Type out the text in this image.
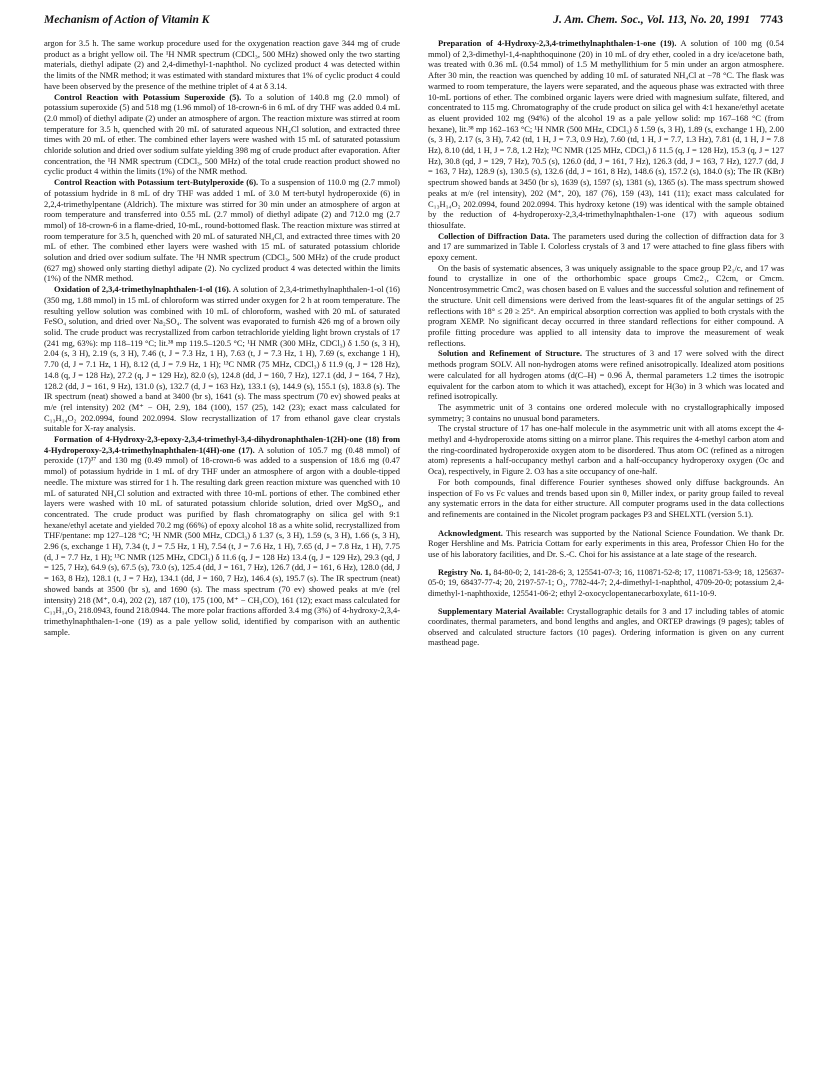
Mechanism of Action of Vitamin K	J. Am. Chem. Soc., Vol. 113, No. 20, 1991 7743

argon for 3.5 h. The same workup procedure used for the oxygenation reaction gave 344 mg of crude product as a bright yellow oil. The ¹H NMR spectrum (CDCl₃, 500 MHz) showed only the two starting materials, diethyl adipate (2) and 2,4-dimethyl-1-naphthol. No cyclized product 4 was detected within the limits of the NMR method; it was estimated with standard mixtures that 1% of cyclic product 4 could have been observed by the presence of the methine triplet of 4 at δ 3.14.

Control Reaction with Potassium Superoxide (5). To a solution of 140.8 mg (2.0 mmol) of potassium superoxide (5) and 518 mg (1.96 mmol) of 18-crown-6 in 6 mL of dry THF was added 0.4 mL (2.0 mmol) of diethyl adipate (2) under an atmosphere of argon. The reaction mixture was stirred at room temperature for 3.5 h, quenched with 20 mL of saturated aqueous NH₄Cl solution, and extracted three times with 20 mL of ether. The combined ether layers were washed with 15 mL of saturated potassium chloride solution and dried over sodium sulfate yielding 398 mg of crude product after evaporation. After concentration, the ¹H NMR spectrum (CDCl₃, 500 MHz) of the total crude reaction product showed no cyclic product 4 within the limits (1%) of the NMR method.

Control Reaction with Potassium tert-Butylperoxide (6). To a suspension of 110.0 mg (2.7 mmol) of potassium hydride in 8 mL of dry THF was added 1 mL of 3.0 M tert-butyl hydroperoxide (6) in 2,2,4-trimethylpentane (Aldrich). The mixture was stirred for 30 min under an atmosphere of argon at room temperature and transferred into 0.55 mL (2.7 mmol) of diethyl adipate (2) and 712.0 mg (2.7 mmol) of 18-crown-6 in a flame-dried, 10-mL, round-bottomed flask. The reaction mixture was stirred at room temperature for 3.5 h, quenched with 20 mL of saturated NH₄Cl, and extracted three times with 20 mL of ether. The combined ether layers were washed with 15 mL of saturated potassium chloride solution and dried over sodium sulfate. The ¹H NMR spectrum (CDCl₃, 500 MHz) of the crude product (627 mg) showed only starting diethyl adipate (2). No cyclized product 4 was detected within the limits (1%) of the NMR method.

Oxidation of 2,3,4-trimethylnaphthalen-1-ol (16). A solution of 2,3,4-trimethylnaphthalen-1-ol (16) (350 mg, 1.88 mmol) in 15 mL of chloroform was stirred under oxygen for 2 h at room temperature. The resulting yellow solution was combined with 10 mL of chloroform, washed with 20 mL of saturated FeSO₄ solution, and dried over Na₂SO₄. The solvent was evaporated to furnish 426 mg of a brown oily solid. The crude product was recrystallized from carbon tetrachloride yielding light brown crystals of 17 (241 mg, 63%): mp 118–119 °C; lit.³⁸ mp 119.5–120.5 °C; ¹H NMR (300 MHz, CDCl₃) δ 1.50 (s, 3 H), 2.04 (s, 3 H), 2.19 (s, 3 H), 7.46 (t, J = 7.3 Hz, 1 H), 7.63 (t, J = 7.3 Hz, 1 H), 7.69 (s, exchange 1 H), 7.70 (d, J = 7.1 Hz, 1 H), 8.12 (d, J = 7.9 Hz, 1 H); ¹³C NMR (75 MHz, CDCl₃) δ 11.9 (q, J = 128 Hz), 14.8 (q, J = 128 Hz), 27.2 (q, J = 129 Hz), 82.0 (s), 124.8 (dd, J = 160, 7 Hz), 127.1 (dd, J = 164, 7 Hz), 128.2 (dd, J = 161, 9 Hz), 131.0 (s), 132.7 (d, J = 163 Hz), 133.1 (s), 144.9 (s), 155.1 (s), 183.8 (s). The IR spectrum (neat) showed a band at 3400 (br s), 1641 (s). The mass spectrum (70 ev) showed peaks at m/e (rel intensity) 202 (M⁺ − OH, 2.9), 184 (100), 157 (25), 142 (23); exact mass calculated for C₁₃H₁₄O₂ 202.0994, found 202.0994. Slow recrystallization of 17 from ethanol gave clear crystals suitable for X-ray analysis.

Formation of 4-Hydroxy-2,3-epoxy-2,3,4-trimethyl-3,4-dihydronaphthalen-1(2H)-one (18) from 4-Hydroperoxy-2,3,4-trimethylnaphthalen-1(4H)-one (17). A solution of 105.7 mg (0.48 mmol) of peroxide (17)³⁷ and 130 mg (0.49 mmol) of 18-crown-6 was added to a suspension of 18.6 mg (0.47 mmol) of potassium hydride in 1 mL of dry THF under an atmosphere of argon with a double-tipped needle. The mixture was stirred for 1 h. The resulting dark green reaction mixture was quenched with 10 mL of saturated NH₄Cl solution and extracted with three 10-mL portions of ether. The combined ether layers were washed with 10 mL of saturated potassium chloride solution, dried over MgSO₄, and concentrated. The crude product was purified by flash chromatography on silica gel with 9:1 hexane/ethyl acetate and yielded 70.2 mg (66%) of epoxy alcohol 18 as a white solid, recrystallized from THF/pentane: mp 127–128 °C; ¹H NMR (500 MHz, CDCl₃) δ 1.37 (s, 3 H), 1.59 (s, 3 H), 1.66 (s, 3 H), 2.96 (s, exchange 1 H), 7.34 (t, J = 7.5 Hz, 1 H), 7.54 (t, J = 7.6 Hz, 1 H), 7.65 (d, J = 7.8 Hz, 1 H), 7.75 (d, J = 7.7 Hz, 1 H); ¹³C NMR (125 MHz, CDCl₃) δ 11.6 (q, J = 128 Hz) 13.4 (q, J = 129 Hz), 29.3 (qd, J = 125, 7 Hz), 64.9 (s), 67.5 (s), 73.0 (s), 125.4 (dd, J = 161, 7 Hz), 126.7 (dd, J = 161, 6 Hz), 128.0 (dd, J = 163, 8 Hz), 128.1 (t, J = 7 Hz), 134.1 (dd, J = 160, 7 Hz), 146.4 (s), 195.7 (s). The IR spectrum (neat) showed bands at 3500 (br s), and 1690 (s). The mass spectrum (70 ev) showed peaks at m/e (rel intensity) 218 (M⁺, 0.4), 202 (2), 187 (10), 175 (100, M⁺ − CH₃CO), 161 (12); exact mass calculated for C₁₃H₁₄O₃ 218.0943, found 218.0944. The more polar fractions afforded 3.4 mg (3%) of 4-hydroxy-2,3,4-trimethylnaphthalen-1-one (19) as a pale yellow solid, identified by comparison with an authentic sample.

Preparation of 4-Hydroxy-2,3,4-trimethylnaphthalen-1-one (19). A solution of 100 mg (0.54 mmol) of 2,3-dimethyl-1,4-naphthoquinone (20) in 10 mL of dry ether, cooled in a dry ice/acetone bath, was treated with 0.36 mL (0.54 mmol) of 1.5 M methyllithium for 5 min under an argon atmosphere. After 30 min, the reaction was quenched by adding 10 mL of saturated NH₄Cl at −78 °C. The flask was warmed to room temperature, the layers were separated, and the aqueous phase was extracted with three 10-mL portions of ether. The combined organic layers were dried with magnesium sulfate, filtered, and concentrated to 115 mg. Chromatography of the crude product on silica gel with 4:1 hexane/ethyl acetate as eluent provided 102 mg (94%) of the alcohol 19 as a pale yellow solid: mp 167–168 °C (from hexane), lit.³⁸ mp 162–163 °C; ¹H NMR (500 MHz, CDCl₃) δ 1.59 (s, 3 H), 1.89 (s, exchange 1 H), 2.00 (s, 3 H), 2.17 (s, 3 H), 7.42 (td, 1 H, J = 7.3, 0.9 Hz), 7.60 (td, 1 H, J = 7.7, 1.3 Hz), 7.81 (d, 1 H, J = 7.8 Hz), 8.10 (dd, 1 H, J = 7.8, 1.2 Hz); ¹³C NMR (125 MHz, CDCl₃) δ 11.5 (q, J = 128 Hz), 15.3 (q, J = 127 Hz), 30.8 (qd, J = 129, 7 Hz), 70.5 (s), 126.0 (dd, J = 161, 7 Hz), 126.3 (dd, J = 163, 7 Hz), 127.7 (dd, J = 163, 7 Hz), 128.9 (s), 130.5 (s), 132.6 (dd, J = 161, 8 Hz), 148.6 (s), 157.2 (s), 184.0 (s); The IR (KBr) spectrum showed bands at 3450 (br s), 1639 (s), 1597 (s), 1381 (s), 1365 (s). The mass spectrum showed peaks at m/e (rel intensity), 202 (M⁺, 20), 187 (76), 159 (43), 141 (11); exact mass calculated for C₁₃H₁₄O₂ 202.0994, found 202.0994. This hydroxy ketone (19) was identical with the sample obtained by the reduction of 4-hydroperoxy-2,3,4-trimethylnaphthalen-1-one (17) with aqueous sodium thiosulfate.

Collection of Diffraction Data. The parameters used during the collection of diffraction data for 3 and 17 are summarized in Table I. Colorless crystals of 3 and 17 were attached to fine glass fibers with epoxy cement.

On the basis of systematic absences, 3 was uniquely assignable to the space group P2₁/c, and 17 was found to crystallize in one of the orthorhombic space groups Cmc2₁, C2cm, or Cmcm. Noncentrosymmetric Cmc2₁ was chosen based on E values and the successful solution and refinement of the structure. Unit cell dimensions were derived from the least-squares fit of the angular settings of 25 reflections with 18° ≤ 2θ ≥ 25°. An empirical absorption correction was applied to both crystals with the program XEMP. No significant decay occurred in three standard reflections for either compound. A profile fitting procedure was applied to all intensity data to improve the measurement of weak reflections.

Solution and Refinement of Structure. The structures of 3 and 17 were solved with the direct methods program SOLV. All non-hydrogen atoms were refined anisotropically. Idealized atom positions were calculated for all hydrogen atoms (d(C–H) = 0.96 Å, thermal parameters 1.2 times the isotropic equivalent for the carbon atom to which it was attached), except for H(3o) in 3 which was located and refined isotropically.

The asymmetric unit of 3 contains one ordered molecule with no crystallographically imposed symmetry; 3 contains no unusual bond parameters.

The crystal structure of 17 has one-half molecule in the asymmetric unit with all atoms except the 4-methyl and 4-hydroperoxide atoms sitting on a mirror plane. This requires the 4-methyl carbon atom and the ring-coordinated hydroperoxide oxygen atom to be disordered. Thus atom OC (refined as a nitrogen atom) represents a half-occupancy methyl carbon and a half-occupancy hydroperoxy oxygen (Oc and Oca), respectively, in Figure 2. O3 has a site occupancy of one-half.

For both compounds, final difference Fourier syntheses showed only diffuse backgrounds. An inspection of Fo vs Fc values and trends based upon sin θ, Miller index, or parity group failed to reveal any systematic errors in the data for either structure. All computer programs used in the data collections and refinements are contained in the Nicolet program packages P3 and SHELXTL (version 5.1).

Acknowledgment. This research was supported by the National Science Foundation. We thank Dr. Roger Hershline and Ms. Patricia Cottam for early experiments in this area, Professor Chien Ho for the use of his laboratory facilities, and Dr. S.-C. Choi for his assistance at a late stage of the research.

Registry No. 1, 84-80-0; 2, 141-28-6; 3, 125541-07-3; 16, 110871-52-8; 17, 110871-53-9; 18, 125637-05-0; 19, 68437-77-4; 20, 2197-57-1; O₂, 7782-44-7; 2,4-dimethyl-1-naphthol, 4709-20-0; potassium 2,4-dimethyl-1-naphthoxide, 125541-06-2; ethyl 2-oxocyclopentanecarboxylate, 611-10-9.

Supplementary Material Available: Crystallographic details for 3 and 17 including tables of atomic coordinates, thermal parameters, and bond lengths and angles, and ORTEP drawings (9 pages); tables of observed and calculated structure factors (10 pages). Ordering information is given on any current masthead page.
